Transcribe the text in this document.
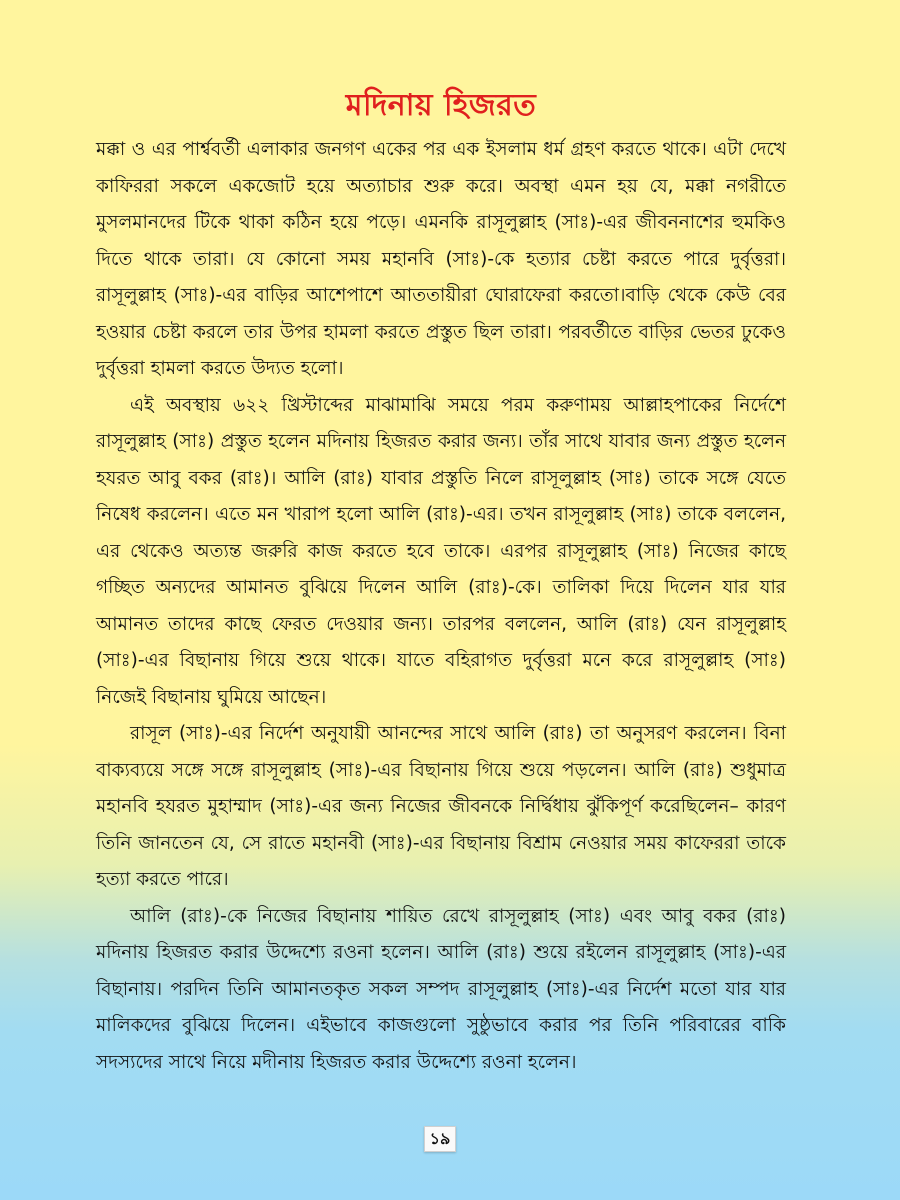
মদিনায় হিজরত

মক্কা ও এর পার্শ্ববর্তী এলাকার জনগণ একের পর এক ইসলাম ধর্ম গ্রহণ করতে থাকে। এটা দেখে কাফিররা সকলে একজোট হয়ে অত্যাচার শুরু করে। অবস্থা এমন হয় যে, মক্কা নগরীতে মুসলমানদের টিকে থাকা কঠিন হয়ে পড়ে। এমনকি রাসূলুল্লাহ (সাঃ)-এর জীবননাশের হুমকিও দিতে থাকে তারা। যে কোনো সময় মহানবি (সাঃ)-কে হত্যার চেষ্টা করতে পারে দুর্বৃত্তরা। রাসূলুল্লাহ (সাঃ)-এর বাড়ির আশেপাশে আততায়ীরা ঘোরাফেরা করতো।বাড়ি থেকে কেউ বের হওয়ার চেষ্টা করলে তার উপর হামলা করতে প্রস্তুত ছিল তারা। পরবর্তীতে বাড়ির ভেতর ঢুকেও দুর্বৃত্তরা হামলা করতে উদ্যত হলো।

এই অবস্থায় ৬২২ খ্রিস্টাব্দের মাঝামাঝি সময়ে পরম করুণাময় আল্লাহপাকের নির্দেশে রাসূলুল্লাহ (সাঃ) প্রস্তুত হলেন মদিনায় হিজরত করার জন্য। তাঁর সাথে যাবার জন্য প্রস্তুত হলেন হযরত আবু বকর (রাঃ)। আলি (রাঃ) যাবার প্রস্তুতি নিলে রাসূলুল্লাহ (সাঃ) তাকে সঙ্গে যেতে নিষেধ করলেন। এতে মন খারাপ হলো আলি (রাঃ)-এর। তখন রাসূলুল্লাহ (সাঃ) তাকে বললেন, এর থেকেও অত্যন্ত জরুরি কাজ করতে হবে তাকে। এরপর রাসূলুল্লাহ (সাঃ) নিজের কাছে গচ্ছিত অন্যদের আমানত বুঝিয়ে দিলেন আলি (রাঃ)-কে। তালিকা দিয়ে দিলেন যার যার আমানত তাদের কাছে ফেরত দেওয়ার জন্য। তারপর বললেন, আলি (রাঃ) যেন রাসূলুল্লাহ (সাঃ)-এর বিছানায় গিয়ে শুয়ে থাকে। যাতে বহিরাগত দুর্বৃত্তরা মনে করে রাসূলুল্লাহ (সাঃ) নিজেই বিছানায় ঘুমিয়ে আছেন।

রাসূল (সাঃ)-এর নির্দেশ অনুযায়ী আনন্দের সাথে আলি (রাঃ) তা অনুসরণ করলেন। বিনা বাক্যব্যয়ে সঙ্গে সঙ্গে রাসূলুল্লাহ (সাঃ)-এর বিছানায় গিয়ে শুয়ে পড়লেন। আলি (রাঃ) শুধুমাত্র মহানবি হযরত মুহাম্মাদ (সাঃ)-এর জন্য নিজের জীবনকে নির্দ্বিধায় ঝুঁকিপূর্ণ করেছিলেন– কারণ তিনি জানতেন যে, সে রাতে মহানবী (সাঃ)-এর বিছানায় বিশ্রাম নেওয়ার সময় কাফেররা তাকে হত্যা করতে পারে।

আলি (রাঃ)-কে নিজের বিছানায় শায়িত রেখে রাসূলুল্লাহ (সাঃ) এবং আবু বকর (রাঃ) মদিনায় হিজরত করার উদ্দেশ্যে রওনা হলেন। আলি (রাঃ) শুয়ে রইলেন রাসূলুল্লাহ (সাঃ)-এর বিছানায়। পরদিন তিনি আমানতকৃত সকল সম্পদ রাসূলুল্লাহ (সাঃ)-এর নির্দেশ মতো যার যার মালিকদের বুঝিয়ে দিলেন। এইভাবে কাজগুলো সুষ্ঠুভাবে করার পর তিনি পরিবারের বাকি সদস্যদের সাথে নিয়ে মদীনায় হিজরত করার উদ্দেশ্যে রওনা হলেন।

১৯
